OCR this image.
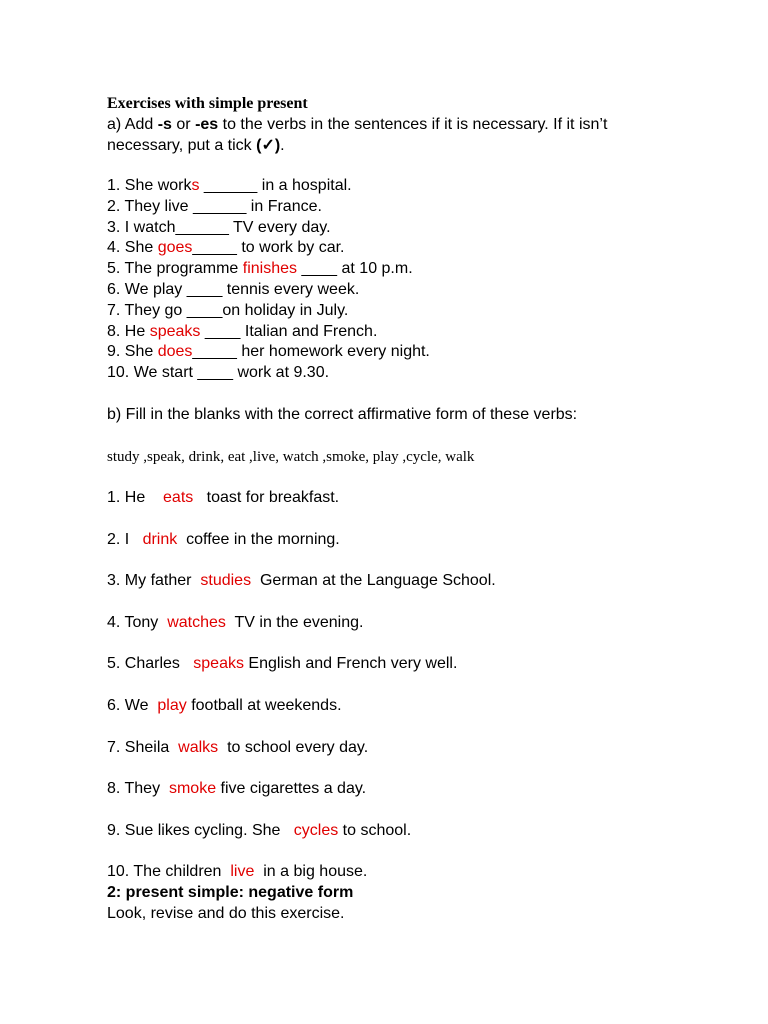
Exercises with simple present
a) Add -s or -es to the verbs in the sentences if it is necessary. If it isn’t
necessary, put a tick (✓).
1. She works ______ in a hospital.
2. They live ______ in France.
3. I watch______ TV every day.
4. She goes_____ to work by car.
5. The programme finishes ____ at 10 p.m.
6. We play ____ tennis every week.
7. They go ____on holiday in July.
8. He speaks ____ Italian and French.
9. She does_____ her homework every night.
10. We start ____ work at 9.30.
b) Fill in the blanks with the correct affirmative form of these verbs:
study ,speak, drink, eat ,live, watch ,smoke, play ,cycle, walk
1. He    eats   toast for breakfast.
2. I   drink  coffee in the morning.
3. My father  studies  German at the Language School.
4. Tony  watches  TV in the evening.
5. Charles   speaks English and French very well.
6. We  play football at weekends.
7. Sheila  walks  to school every day.
8. They  smoke five cigarettes a day.
9. Sue likes cycling. She   cycles to school.
10. The children  live  in a big house.
2: present simple: negative form
Look, revise and do this exercise.
